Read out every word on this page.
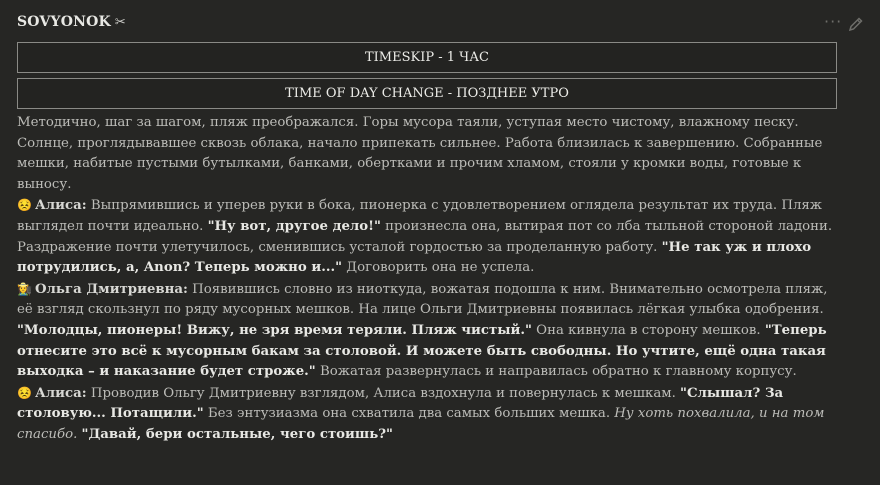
SOVYONOK ✂	···
TIMESKIP - 1 ЧАС
TIME OF DAY CHANGE - ПОЗДНЕЕ УТРО

Методично, шаг за шагом, пляж преображался. Горы мусора таяли, уступая место чистому, влажному песку. Солнце, проглядывавшее сквозь облака, начало припекать сильнее. Работа близилась к завершению. Собранные мешки, набитые пустыми бутылками, банками, обертками и прочим хламом, стояли у кромки воды, готовые к выносу.

😣 Алиса: Выпрямившись и уперев руки в бока, пионерка с удовлетворением оглядела результат их труда. Пляж выглядел почти идеально. "Ну вот, другое дело!" произнесла она, вытирая пот со лба тыльной стороной ладони. Раздражение почти улетучилось, сменившись усталой гордостью за проделанную работу. "Не так уж и плохо потрудились, а, Anon? Теперь можно и..." Договорить она не успела.

👩‍🌾 Ольга Дмитриевна: Появившись словно из ниоткуда, вожатая подошла к ним. Внимательно осмотрела пляж, её взгляд скользнул по ряду мусорных мешков. На лице Ольги Дмитриевны появилась лёгкая улыбка одобрения. "Молодцы, пионеры! Вижу, не зря время теряли. Пляж чистый." Она кивнула в сторону мешков. "Теперь отнесите это всё к мусорным бакам за столовой. И можете быть свободны. Но учтите, ещё одна такая выходка – и наказание будет строже." Вожатая развернулась и направилась обратно к главному корпусу.

😣 Алиса: Проводив Ольгу Дмитриевну взглядом, Алиса вздохнула и повернулась к мешкам. "Слышал? За столовую... Потащили." Без энтузиазма она схватила два самых больших мешка. Ну хоть похвалила, и на том спасибо. "Давай, бери остальные, чего стоишь?"
